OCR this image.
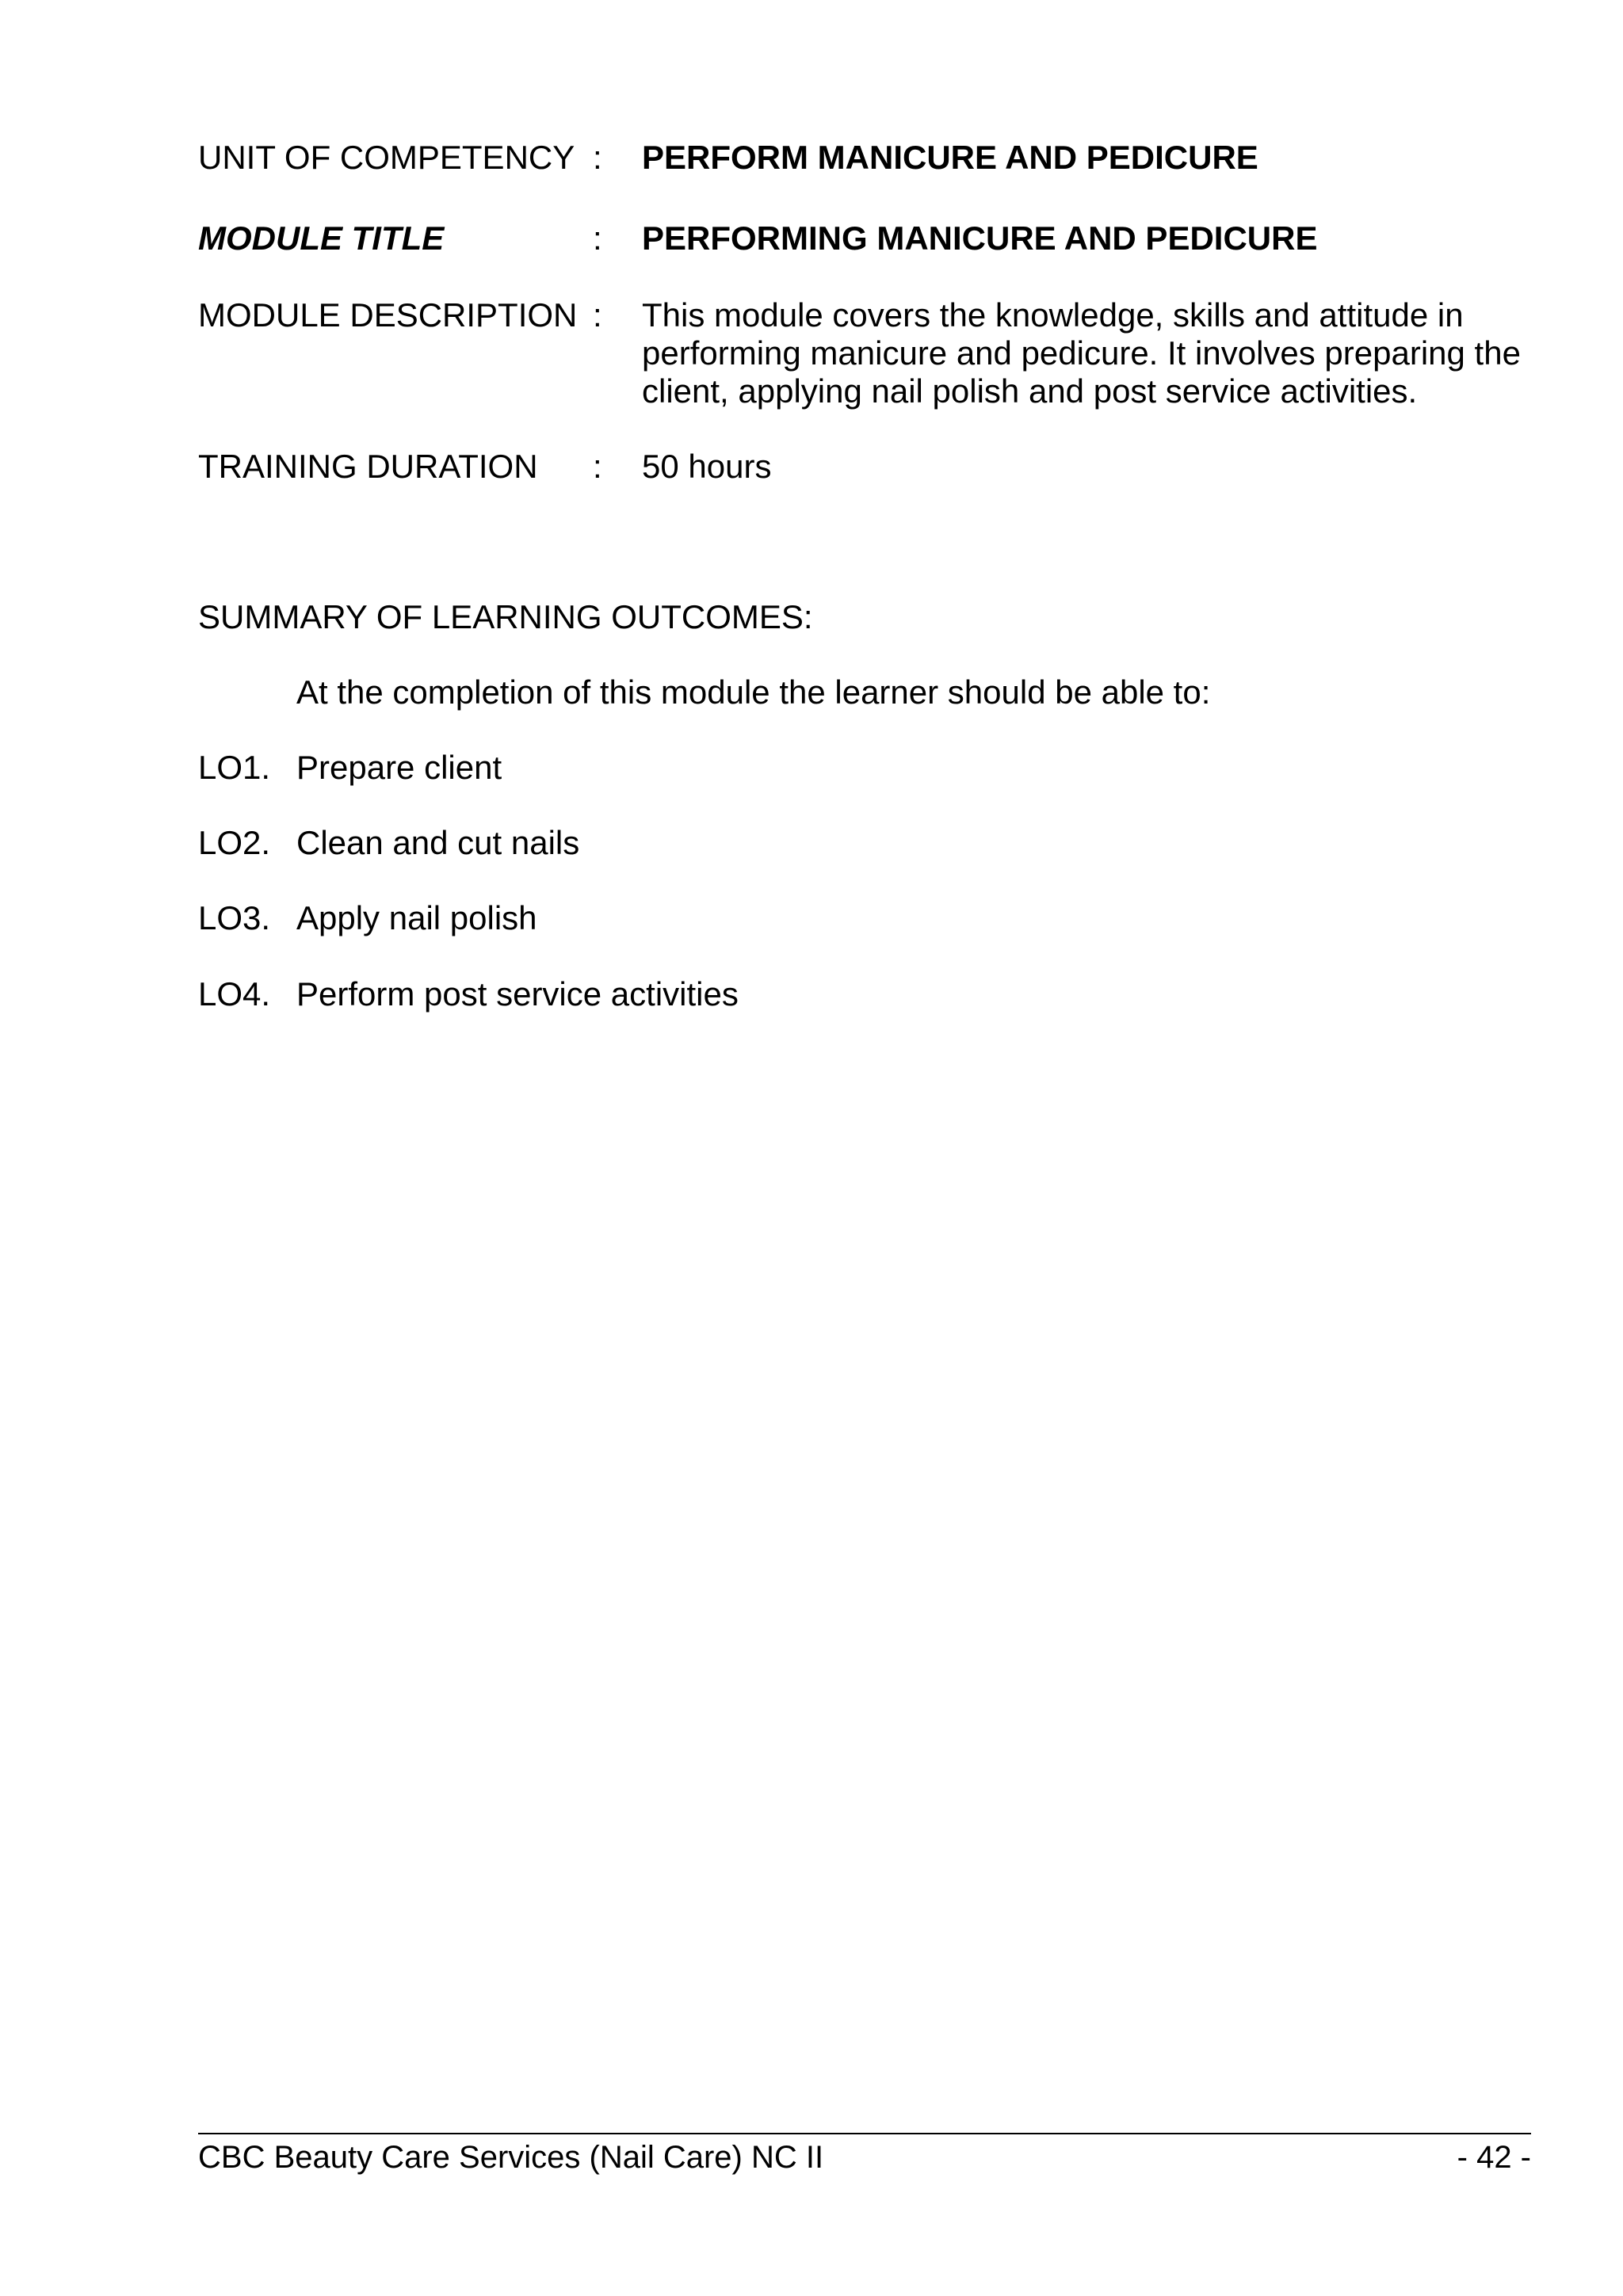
UNIT OF COMPETENCY :	PERFORM MANICURE AND PEDICURE
MODULE TITLE	:	PERFORMING MANICURE AND PEDICURE
MODULE DESCRIPTION :	This module covers the knowledge, skills and attitude in performing manicure and pedicure. It involves preparing the client, applying nail polish and post service activities.
TRAINING DURATION	:	50 hours
SUMMARY OF LEARNING OUTCOMES:
At the completion of this module the learner should be able to:
LO1. Prepare client
LO2. Clean and cut nails
LO3. Apply nail polish
LO4. Perform post service activities
CBC Beauty Care Services (Nail Care) NC II	- 42 -
